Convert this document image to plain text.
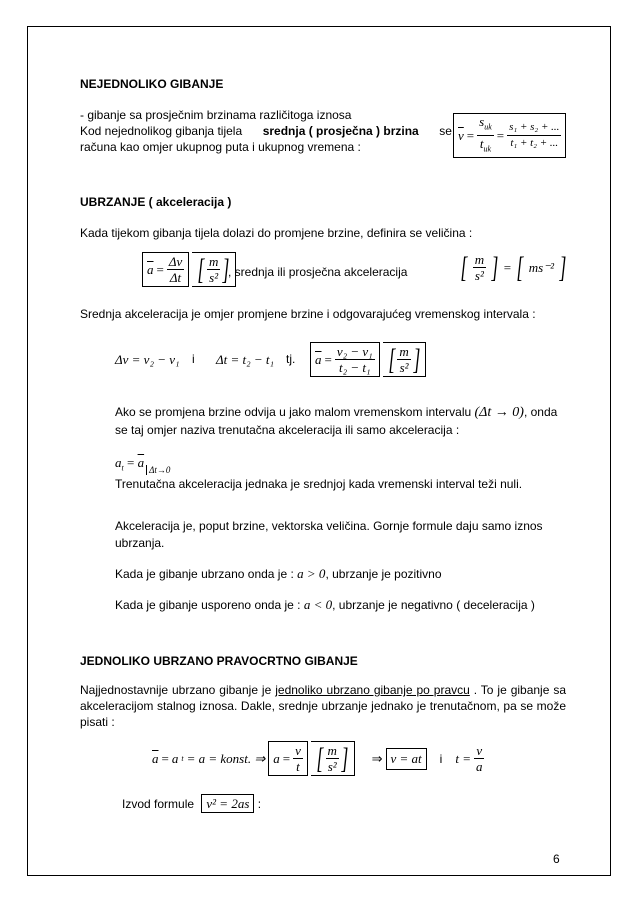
NEJEDNOLIKO GIBANJE
- gibanje sa prosječnim brzinama različitoga iznosa
Kod nejednolikog gibanja tijela srednja ( prosječna ) brzina se
računa kao omjer ukupnog puta i ukupnog vremena :
$\overline{v} = \frac{s_{uk}}{t_{uk}} = \frac{\text{s₁ + s₂ + ...}}{\text{t₁ + t₂ + ...}}$
UBRZANJE ( akceleracija )
Kada tijekom gibanja tijela dolazi do promjene brzine, definira se veličina :
$\overline{a} = \frac{\Delta v}{\Delta t}$ [ $\frac{m}{\text{s²}}$ ]
, srednja ili prosječna akceleracija [ $\frac{m}{\text{s²}}$ ] = [ ms⁻² ]
Srednja akceleracija je omjer promjene brzine i odgovarajućeg vremenskog intervala :
Δv = v₂ − v₁ i Δt = t₂ − t₁ tj. $\overline{a} = \frac{\text{v₂ − v₁}}{\text{t₂ − t₁}}$ [ $\frac{m}{\text{s²}}$ ]
Ako se promjena brzine odvija u jako malom vremenskom intervalu (Δt → 0), onda
se taj omjer naziva trenutačna akceleracija ili samo akceleracija :
$a_t = \overline{a}$ $_{\Delta t\to 0}$
Trenutačna akceleracija jednaka je srednjoj kada vremenski interval teži nuli.
Akceleracija je, poput brzine, vektorska veličina. Gornje formule daju samo iznos ubrzanja.
Kada je gibanje ubrzano onda je : a > 0, ubrzanje je pozitivno
Kada je gibanje usporeno onda je : a < 0, ubrzanje je negativno ( deceleracija )
JEDNOLIKO UBRZANO PRAVOCRTNO GIBANJE
Najjednostavnije ubrzano gibanje je jednoliko ubrzano gibanje po pravcu . To je gibanje sa akceleracijom stalnog iznosa. Dakle, srednje ubrzanje jednako je trenutačnom, pa se može pisati :
$\overline{a} = a$ t = a = konst. ⇒ $a = \frac{v}{t}$ [ $\frac{m}{\text{s²}}$ ] ⇒ v = at	i $t = \frac{v}{a}$
Izvod formule v² = 2as :
6
